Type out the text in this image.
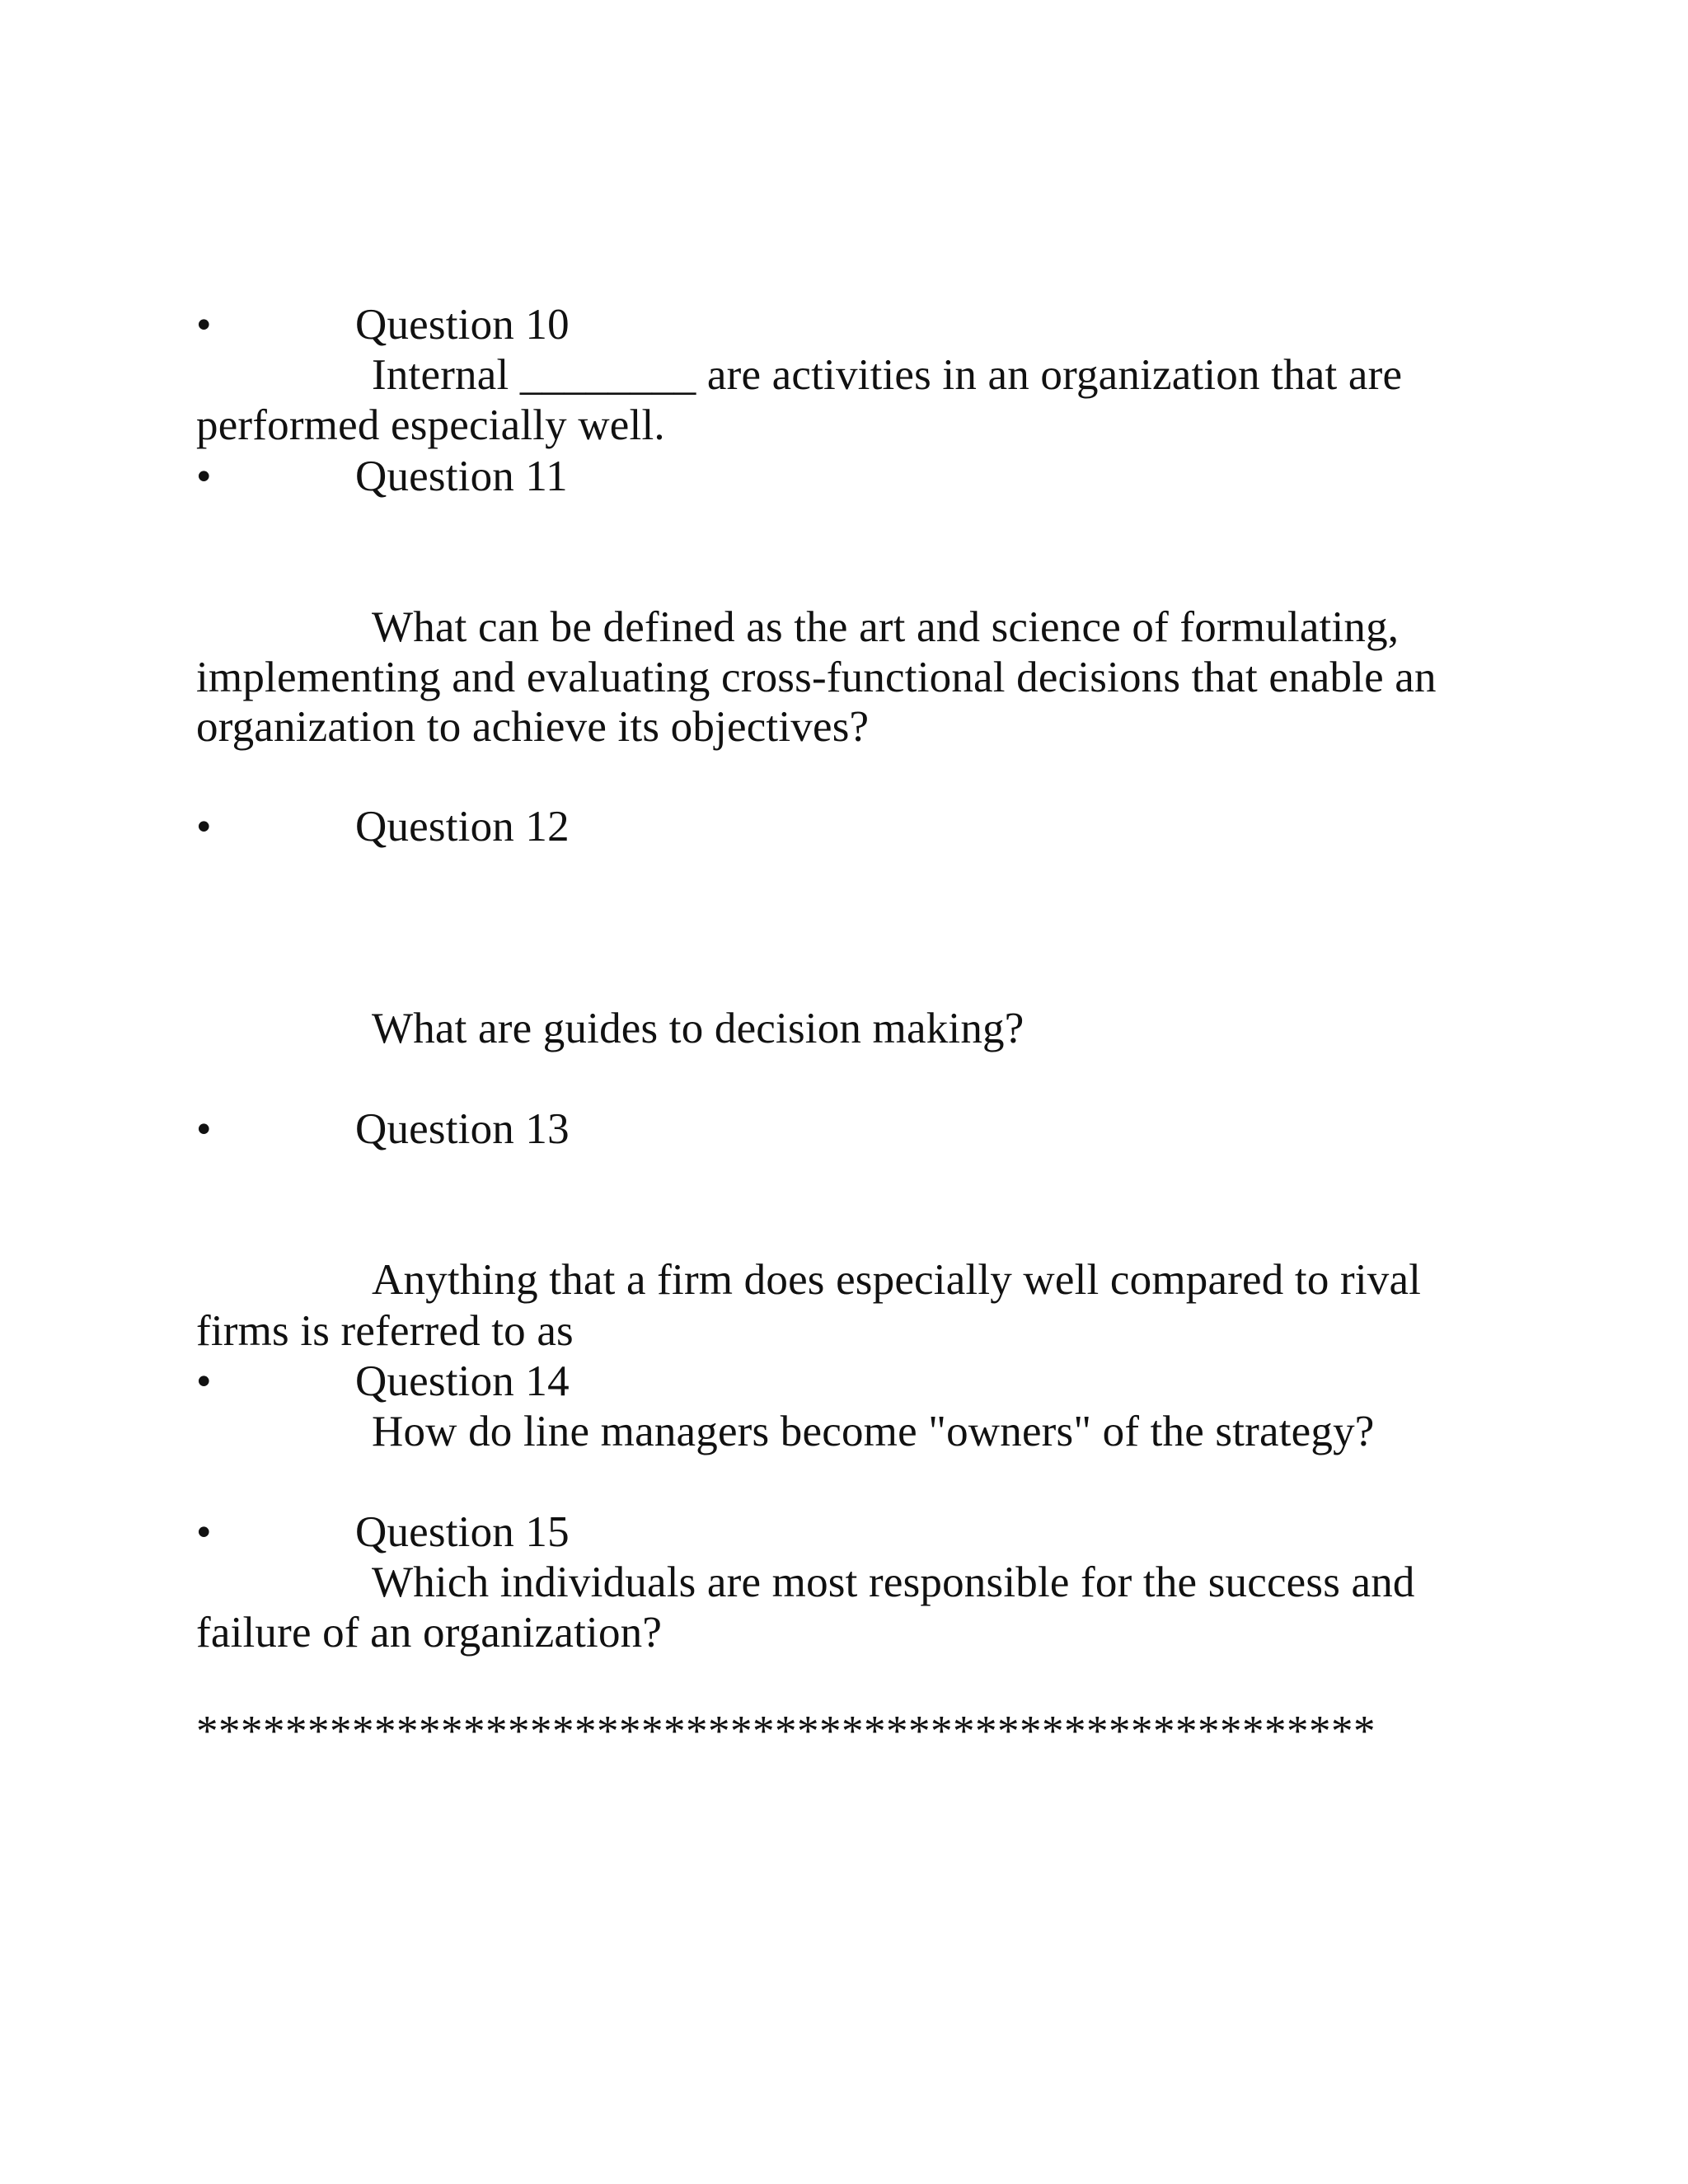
•	Question 10
Internal ________ are activities in an organization that are
performed especially well.
•	Question 11
What can be defined as the art and science of formulating,
implementing and evaluating cross-functional decisions that enable an
organization to achieve its objectives?
•	Question 12
What are guides to decision making?
•	Question 13
Anything that a firm does especially well compared to rival
firms is referred to as
•	Question 14
How do line managers become "owners" of the strategy?
•	Question 15
Which individuals are most responsible for the success and
failure of an organization?
*****************************************************
